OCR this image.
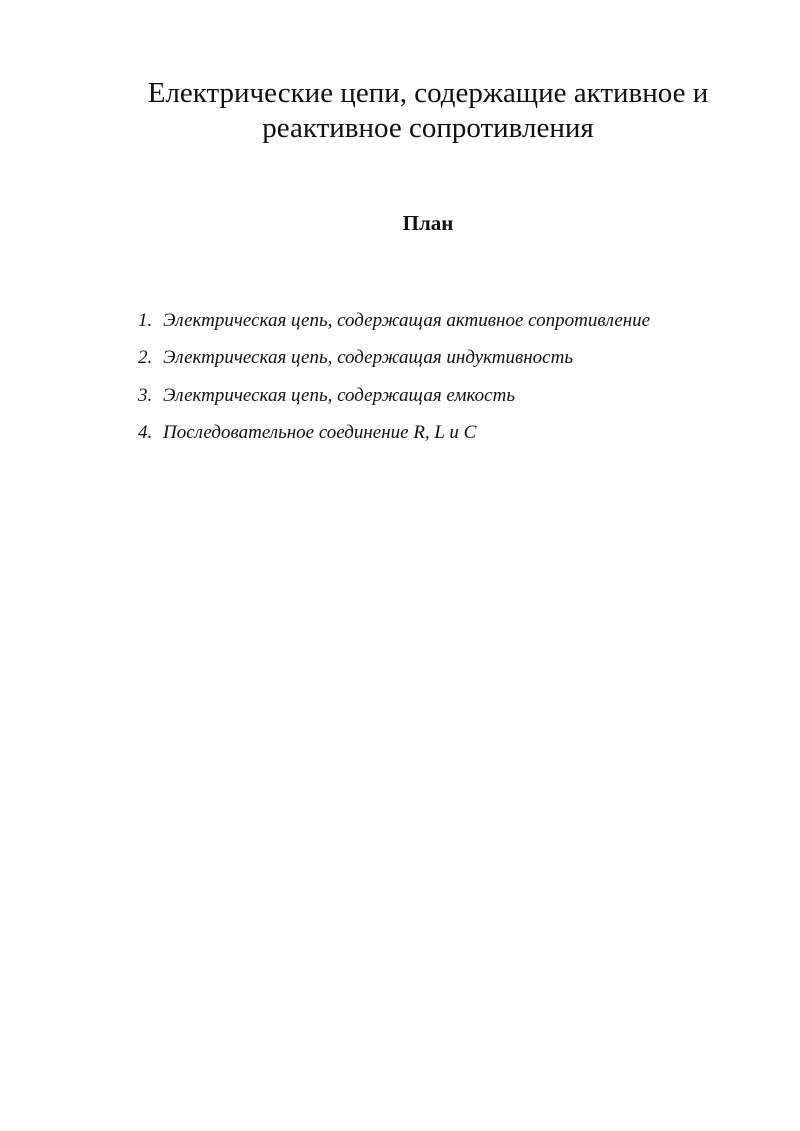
Електрические цепи, содержащие активное и
реактивное сопротивления
План
1. Электрическая цепь, содержащая активное сопротивление
2. Электрическая цепь, содержащая индуктивность
3. Электрическая цепь, содержащая емкость
4. Последовательное соединение R, L и C
